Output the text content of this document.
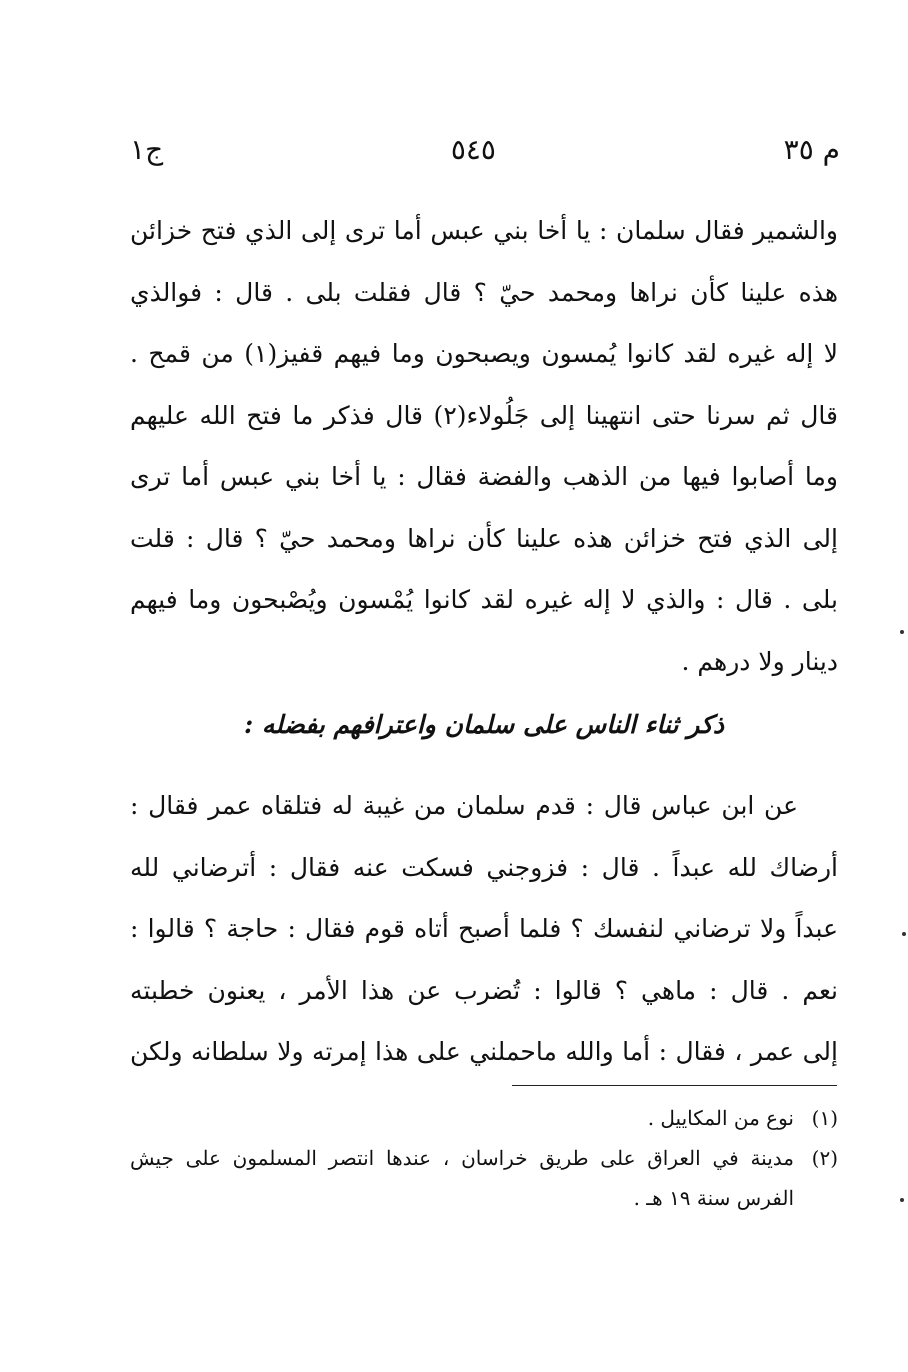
م ٣٥
٥٤٥
ج١

والشمير فقال سلمان : يا أخا بني عبس أما ترى إلى الذي فتح خزائن
هذه علينا كأن نراها ومحمد حيّ ؟ قال فقلت بلى . قال : فوالذي
لا إله غيره لقد كانوا يُمسون ويصبحون وما فيهم قفيز(١) من قمح .
قال ثم سرنا حتى انتهينا إلى جَلُولاء(٢) قال فذكر ما فتح الله عليهم
وما أصابوا فيها من الذهب والفضة فقال : يا أخا بني عبس أما ترى
إلى الذي فتح خزائن هذه علينا كأن نراها ومحمد حيّ ؟ قال : قلت
بلى . قال : والذي لا إله غيره لقد كانوا يُمْسون ويُصْبحون وما فيهم
دينار ولا درهم .

ذكر ثناء الناس على سلمان واعترافهم بفضله :

عن ابن عباس قال : قدم سلمان من غيبة له فتلقاه عمر فقال :
أرضاك لله عبداً . قال : فزوجني فسكت عنه فقال : أترضاني لله
عبداً ولا ترضاني لنفسك ؟ فلما أصبح أتاه قوم فقال : حاجة ؟ قالوا :
نعم . قال : ماهي ؟ قالوا : تُضرب عن هذا الأمر ، يعنون خطبته
إلى عمر ، فقال : أما والله ماحملني على هذا إمرته ولا سلطانه ولكن

(١)
نوع من المكاييل .
(٢)
مدينة في العراق على طريق خراسان ، عندها انتصر المسلمون على جيش
الفرس سنة ١٩ هـ .
